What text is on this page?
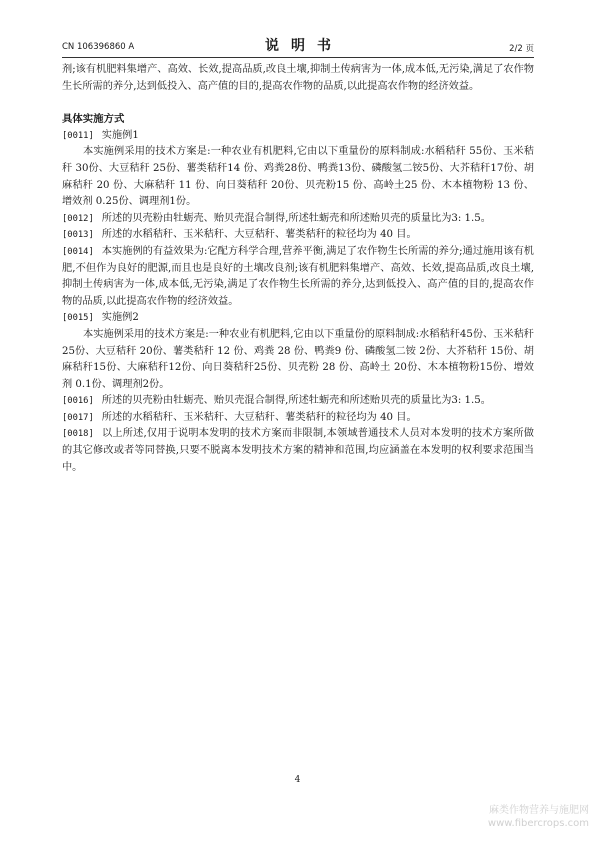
CN 106396860 A	说明书	2/2 页

剂;该有机肥料集增产、高效、长效,提高品质,改良土壤,抑制土传病害为一体,成本低,无污染,满足了农作物生长所需的养分,达到低投入、高产值的目的,提高农作物的品质,以此提高农作物的经济效益。

具体实施方式

[0011] 实施例1

本实施例采用的技术方案是:一种农业有机肥料,它由以下重量份的原料制成:水稻秸秆 55份、玉米秸秆 30份、大豆秸秆 25份、薯类秸秆14 份、鸡粪28份、鸭粪13份、磷酸氢二铵5份、大芥秸秆17份、胡麻秸秆 20 份、大麻秸秆 11 份、向日葵秸秆 20份、贝壳粉15 份、高岭土25 份、木本植物粉 13 份、增效剂 0.25份、调理剂1份。

[0012] 所述的贝壳粉由牡蛎壳、贻贝壳混合制得,所述牡蛎壳和所述贻贝壳的质量比为3: 1.5。

[0013] 所述的水稻秸秆、玉米秸秆、大豆秸秆、薯类秸秆的粒径均为 40 目。

[0014] 本实施例的有益效果为:它配方科学合理,营养平衡,满足了农作物生长所需的养分;通过施用该有机肥,不但作为良好的肥源,而且也是良好的土壤改良剂;该有机肥料集增产、高效、长效,提高品质,改良土壤,抑制土传病害为一体,成本低,无污染,满足了农作物生长所需的养分,达到低投入、高产值的目的,提高农作物的品质,以此提高农作物的经济效益。

[0015] 实施例2

本实施例采用的技术方案是:一种农业有机肥料,它由以下重量份的原料制成:水稻秸秆45份、玉米秸秆25份、大豆秸秆 20份、薯类秸秆 12 份、鸡粪 28 份、鸭粪9 份、磷酸氢二铵 2份、大芥秸秆 15份、胡麻秸秆15份、大麻秸秆12份、向日葵秸秆25份、贝壳粉 28 份、高岭土 20份、木本植物粉15份、增效剂 0.1份、调理剂2份。

[0016] 所述的贝壳粉由牡蛎壳、贻贝壳混合制得,所述牡蛎壳和所述贻贝壳的质量比为3: 1.5。

[0017] 所述的水稻秸秆、玉米秸秆、大豆秸秆、薯类秸秆的粒径均为 40 目。

[0018] 以上所述,仅用于说明本发明的技术方案而非限制,本领域普通技术人员对本发明的技术方案所做的其它修改或者等同替换,只要不脱离本发明技术方案的精神和范围,均应涵盖在本发明的权利要求范围当中。

4
麻类作物营养与施肥网
www.fibercrops.com
